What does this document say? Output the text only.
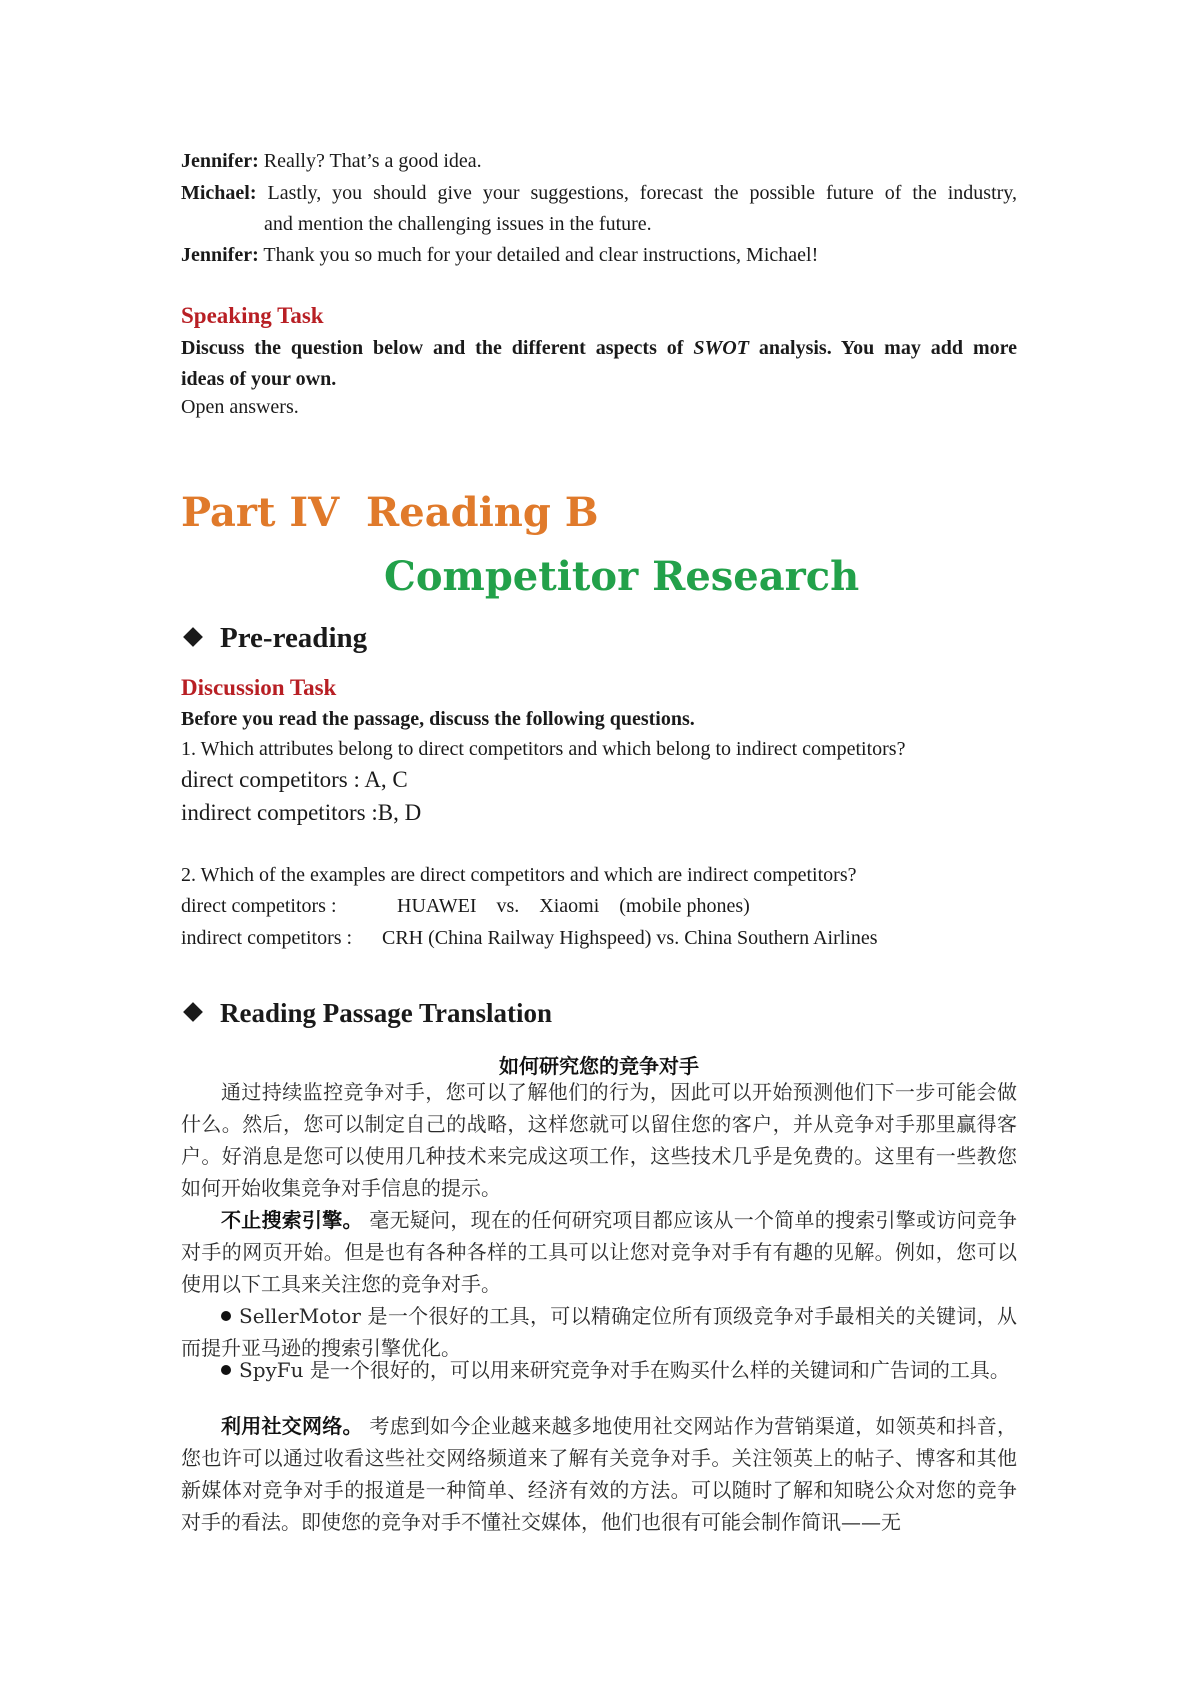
Jennifer: Really? That’s a good idea.
Michael: Lastly, you should give your suggestions, forecast the possible future of the industry,
and mention the challenging issues in the future.
Jennifer: Thank you so much for your detailed and clear instructions, Michael!
Speaking Task
Discuss the question below and the different aspects of SWOT analysis. You may add more
ideas of your own.
Open answers.
Part IV Reading B
Competitor Research
Pre-reading
Discussion Task
Before you read the passage, discuss the following questions.
1. Which attributes belong to direct competitors and which belong to indirect competitors?
direct competitors : A, C
indirect competitors :B, D
2. Which of the examples are direct competitors and which are indirect competitors?
direct competitors :	HUAWEI    vs.    Xiaomi    (mobile phones)
indirect competitors : CRH (China Railway Highspeed) vs. China Southern Airlines
Reading Passage Translation
如何研究您的竞争对手
通过持续监控竞争对手，您可以了解他们的行为，因此可以开始预测他们下一步可能会做什么。然后，您可以制定自己的战略，这样您就可以留住您的客户，并从竞争对手那里赢得客户。好消息是您可以使用几种技术来完成这项工作，这些技术几乎是免费的。这里有一些教您如何开始收集竞争对手信息的提示。
不止搜索引擎。 毫无疑问，现在的任何研究项目都应该从一个简单的搜索引擎或访问竞争对手的网页开始。但是也有各种各样的工具可以让您对竞争对手有有趣的见解。例如，您可以使用以下工具来关注您的竞争对手。
SellerMotor 是一个很好的工具，可以精确定位所有顶级竞争对手最相关的关键词，从而提升亚马逊的搜索引擎优化。
SpyFu 是一个很好的，可以用来研究竞争对手在购买什么样的关键词和广告词的工具。
利用社交网络。 考虑到如今企业越来越多地使用社交网站作为营销渠道，如领英和抖音，您也许可以通过收看这些社交网络频道来了解有关竞争对手。关注领英上的帖子、博客和其他新媒体对竞争对手的报道是一种简单、经济有效的方法。可以随时了解和知晓公众对您的竞争对手的看法。即使您的竞争对手不懂社交媒体，他们也很有可能会制作简讯——无
